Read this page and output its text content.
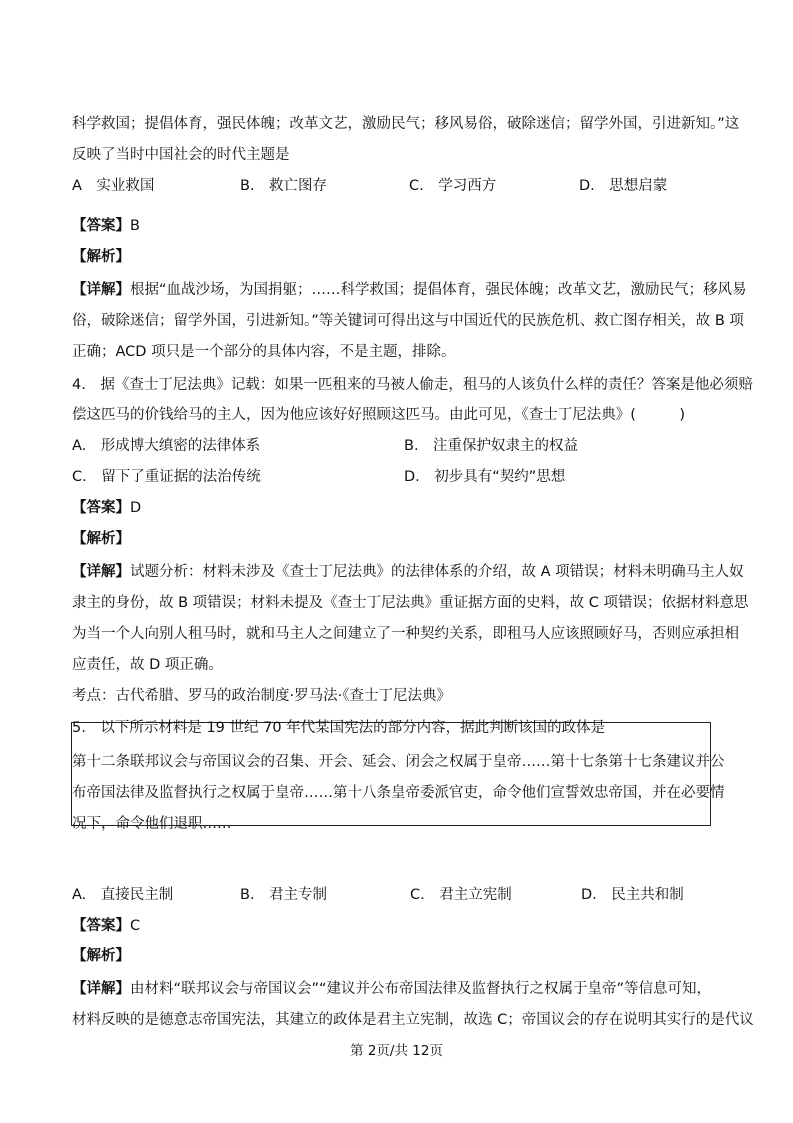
科学救国；提倡体育，强民体魄；改革文艺，激励民气；移风易俗，破除迷信；留学外国，引进新知。”这
反映了当时中国社会的时代主题是
A　实业救国	B.　救亡图存	C.　学习西方	D.　思想启蒙
【答案】B
【解析】
【详解】根据“血战沙场，为国捐躯；……科学救国；提倡体育，强民体魄；改革文艺，激励民气；移风易
俗，破除迷信；留学外国，引进新知。”等关键词可得出这与中国近代的民族危机、救亡图存相关，故 B 项
正确；ACD 项只是一个部分的具体内容，不是主题，排除。
4.　据《查士丁尼法典》记载：如果一匹租来的马被人偷走，租马的人该负什么样的责任？答案是他必须赔
偿这匹马的价钱给马的主人，因为他应该好好照顾这匹马。由此可见，《查士丁尼法典》(　　　)
A.　形成博大缜密的法律体系	B.　注重保护奴隶主的权益
C.　留下了重证据的法治传统	D.　初步具有“契约”思想
【答案】D
【解析】
【详解】试题分析：材料未涉及《查士丁尼法典》的法律体系的介绍，故 A 项错误；材料未明确马主人奴
隶主的身份，故 B 项错误；材料未提及《查士丁尼法典》重证据方面的史料，故 C 项错误；依据材料意思
为当一个人向别人租马时，就和马主人之间建立了一种契约关系，即租马人应该照顾好马，否则应承担相
应责任，故 D 项正确。
考点：古代希腊、罗马的政治制度·罗马法·《查士丁尼法典》
5.　以下所示材料是 19 世纪 70 年代某国宪法的部分内容，据此判断该国的政体是
第十二条联邦议会与帝国议会的召集、开会、延会、闭会之权属于皇帝……第十七条第十七条建议并公
布帝国法律及监督执行之权属于皇帝……第十八条皇帝委派官吏，命令他们宣誓效忠帝国，并在必要情
况下，命令他们退职……
A.　直接民主制	B.　君主专制	C.　君主立宪制	D.　民主共和制
【答案】C
【解析】
【详解】由材料“联邦议会与帝国议会”“建议并公布帝国法律及监督执行之权属于皇帝”等信息可知，
材料反映的是德意志帝国宪法，其建立的政体是君主立宪制，故选 C；帝国议会的存在说明其实行的是代议
第 2页/共 12页
